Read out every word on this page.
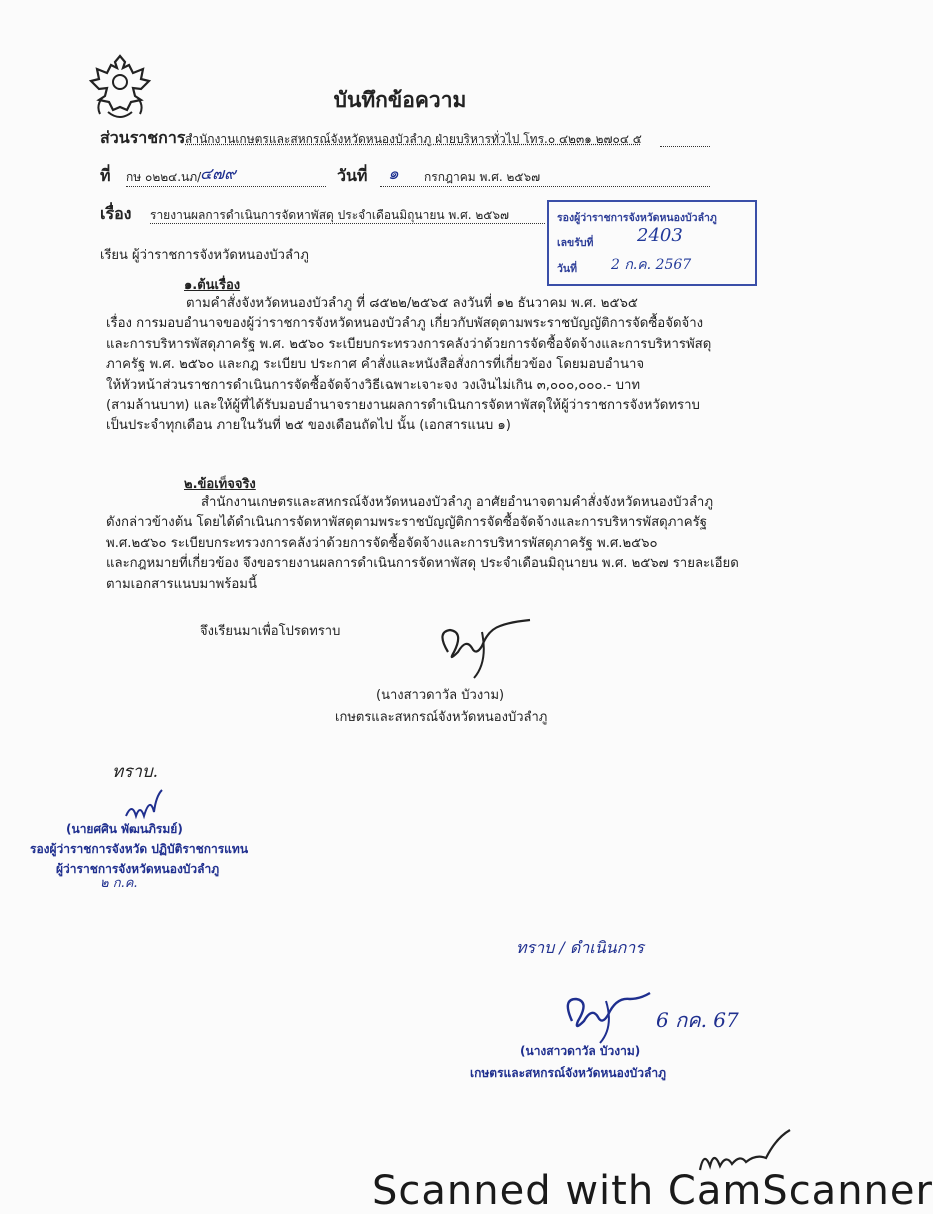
บันทึกข้อความ
ส่วนราชการ สำนักงานเกษตรและสหกรณ์จังหวัดหนองบัวลำภู ฝ่ายบริหารทั่วไป โทร.๐ ๔๒๓๑ ๒๗๐๔ ๕
ที่ กษ ๐๒๒๔.นภ/
๔๗๙	วันที่ ๑ กรกฎาคม พ.ศ. ๒๕๖๗
เรื่อง รายงานผลการดำเนินการจัดหาพัสดุ ประจำเดือนมิถุนายน พ.ศ. ๒๕๖๗	รองผู้ว่าราชการจังหวัดหนองบัวลำภู
เลขรับที่ 2403
วันที่ 2 ก.ค. 2567
เรียน ผู้ว่าราชการจังหวัดหนองบัวลำภู
๑.ต้นเรื่อง
ตามคำสั่งจังหวัดหนองบัวลำภู ที่ ๘๕๒๒/๒๕๖๕ ลงวันที่ ๑๒ ธันวาคม พ.ศ. ๒๕๖๕
เรื่อง การมอบอำนาจของผู้ว่าราชการจังหวัดหนองบัวลำภู เกี่ยวกับพัสดุตามพระราชบัญญัติการจัดซื้อจัดจ้าง
และการบริหารพัสดุภาครัฐ พ.ศ. ๒๕๖๐ ระเบียบกระทรวงการคลังว่าด้วยการจัดซื้อจัดจ้างและการบริหารพัสดุ
ภาครัฐ พ.ศ. ๒๕๖๐ และกฎ ระเบียบ ประกาศ คำสั่งและหนังสือสั่งการที่เกี่ยวข้อง โดยมอบอำนาจ
ให้หัวหน้าส่วนราชการดำเนินการจัดซื้อจัดจ้างวิธีเฉพาะเจาะจง วงเงินไม่เกิน ๓,๐๐๐,๐๐๐.- บาท
(สามล้านบาท) และให้ผู้ที่ได้รับมอบอำนาจรายงานผลการดำเนินการจัดหาพัสดุให้ผู้ว่าราชการจังหวัดทราบ
เป็นประจำทุกเดือน ภายในวันที่ ๒๕ ของเดือนถัดไป นั้น (เอกสารแนบ ๑)
๒.ข้อเท็จจริง
สำนักงานเกษตรและสหกรณ์จังหวัดหนองบัวลำภู อาศัยอำนาจตามคำสั่งจังหวัดหนองบัวลำภู
ดังกล่าวข้างต้น โดยได้ดำเนินการจัดหาพัสดุตามพระราชบัญญัติการจัดซื้อจัดจ้างและการบริหารพัสดุภาครัฐ
พ.ศ.๒๕๖๐ ระเบียบกระทรวงการคลังว่าด้วยการจัดซื้อจัดจ้างและการบริหารพัสดุภาครัฐ พ.ศ.๒๕๖๐
และกฎหมายที่เกี่ยวข้อง จึงขอรายงานผลการดำเนินการจัดหาพัสดุ ประจำเดือนมิถุนายน พ.ศ. ๒๕๖๗ รายละเอียด
ตามเอกสารแนบมาพร้อมนี้
จึงเรียนมาเพื่อโปรดทราบ
(นางสาวดาวัล บัวงาม)
เกษตรและสหกรณ์จังหวัดหนองบัวลำภู
ทราบ.
(นายศศิน พัฒนภิรมย์)
รองผู้ว่าราชการจังหวัด ปฏิบัติราชการแทน
ผู้ว่าราชการจังหวัดหนองบัวลำภู
๒ ก.ค.
ทราบ / ดำเนินการ
6 กค. 67
(นางสาวดาวัล บัวงาม)
เกษตรและสหกรณ์จังหวัดหนองบัวลำภู
Scanned with CamScanner
